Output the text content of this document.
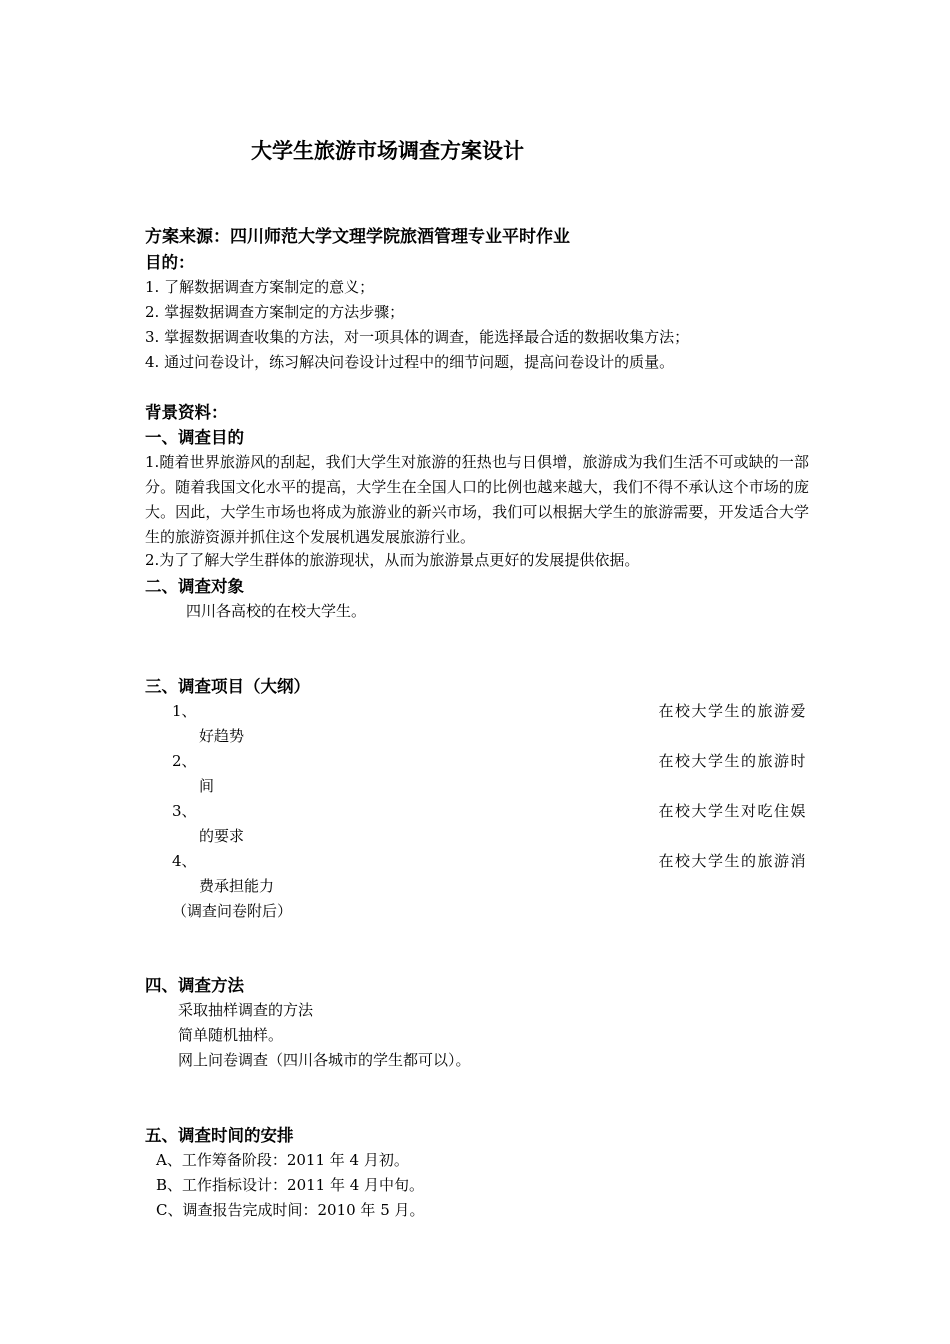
大学生旅游市场调查方案设计
方案来源：四川师范大学文理学院旅酒管理专业平时作业
目的：
1. 了解数据调查方案制定的意义；
2. 掌握数据调查方案制定的方法步骤；
3. 掌握数据调查收集的方法，对一项具体的调查，能选择最合适的数据收集方法；
4. 通过问卷设计，练习解决问卷设计过程中的细节问题，提高问卷设计的质量。
背景资料：
一、调查目的
1.随着世界旅游风的刮起，我们大学生对旅游的狂热也与日俱增，旅游成为我们生活不可或缺的一部分。随着我国文化水平的提高，大学生在全国人口的比例也越来越大，我们不得不承认这个市场的庞大。因此，大学生市场也将成为旅游业的新兴市场，我们可以根据大学生的旅游需要，开发适合大学生的旅游资源并抓住这个发展机遇发展旅游行业。
2.为了了解大学生群体的旅游现状，从而为旅游景点更好的发展提供依据。
二、调查对象
四川各高校的在校大学生。
三、调查项目（大纲）
1、	在校大学生的旅游爱
好趋势
2、	在校大学生的旅游时
间
3、	在校大学生对吃住娱
的要求
4、	在校大学生的旅游消
费承担能力
（调查问卷附后）
四、调查方法
采取抽样调查的方法
简单随机抽样。
网上问卷调查（四川各城市的学生都可以）。
五、调查时间的安排
A、工作筹备阶段：2011 年 4 月初。
B、工作指标设计：2011 年 4 月中旬。
C、调查报告完成时间：2010 年 5 月。
